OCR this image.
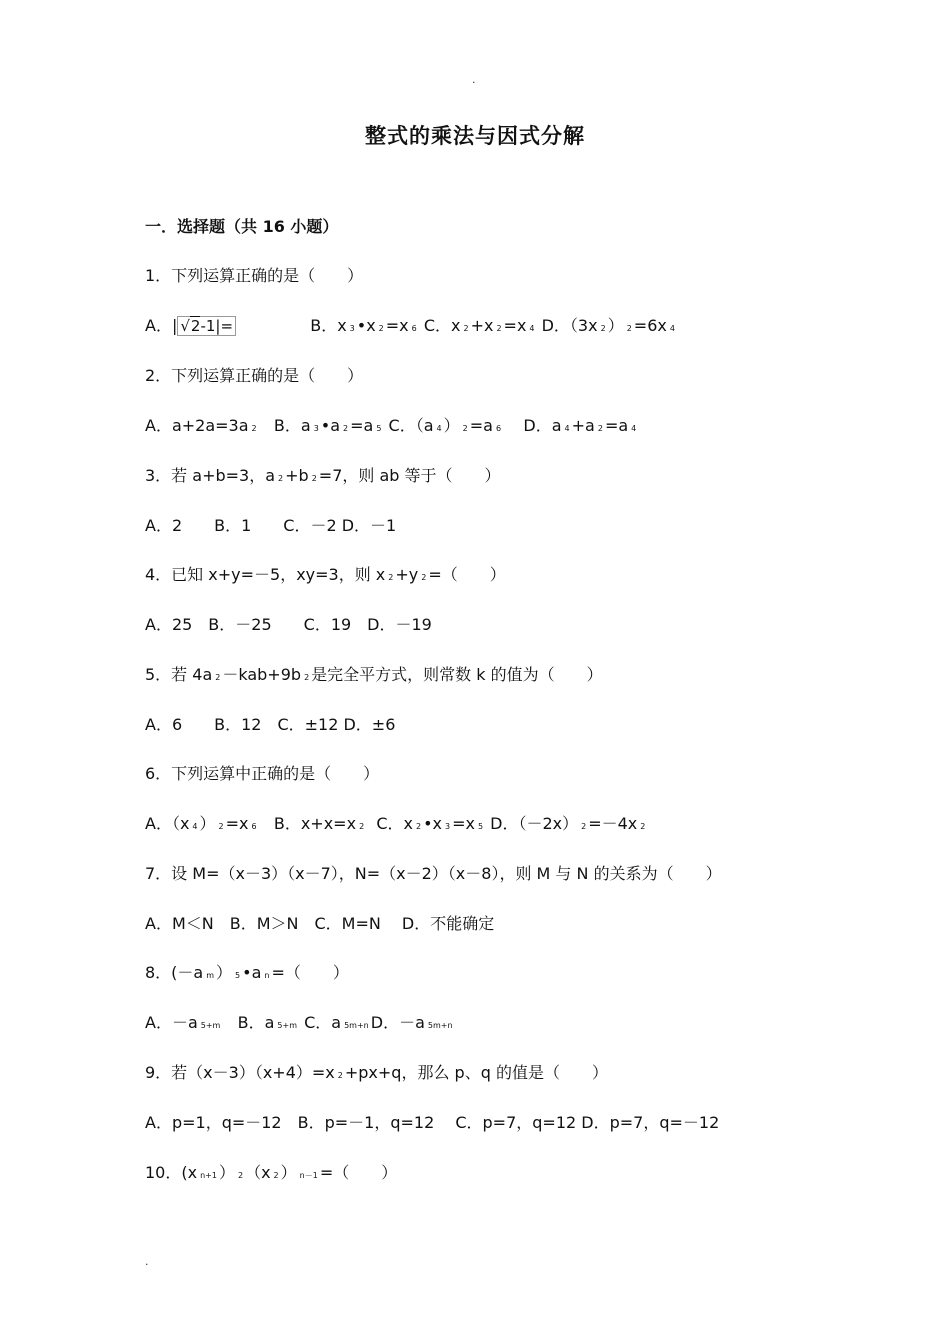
.
整式的乘法与因式分解
一．选择题（共 16 小题）
1．下列运算正确的是（　　）
A．| √2-1|=	B．x 3 •x 2 =x 6 C．x 2 +x 2 =x 4 D．（3x 2 ） 2 =6x 4
2．下列运算正确的是（　　）
A．a+2a=3a 2 B．a 3 •a 2 =a 5 C．（a 4 ） 2 =a 6 D．a 4 +a 2 =a 4
3．若 a+b=3，a 2 +b 2 =7，则 ab 等于（　　）
A．2　　B．1　　C．－2 D．－1
4．已知 x+y=－5，xy=3，则 x 2 +y 2 =（　　）
A．25　B．－25　　C．19　D．－19
5．若 4a 2 －kab+9b 2 是完全平方式，则常数 k 的值为（　　）
A．6　　B．12　C．±12 D．±6
6．下列运算中正确的是（　　）
A．（x 4 ） 2 =x 6 B．x+x=x 2 C．x 2 •x 3 =x 5 D．（－2x） 2 =－4x 2
7．设 M=（x－3）（x－7），N=（x－2）（x－8），则 M 与 N 的关系为（　　）
A．M＜N　B．M＞N　C．M=N　 D．不能确定
8．(－a m ） 5 •a n =（　　）
A．－a 5+m B．a 5+m C．a 5m+n D．－a 5m+n
9．若（x－3）（x+4）=x 2 +px+q，那么 p、q 的值是（　　）
A．p=1，q=－12　B．p=－1，q=12　 C．p=7，q=12 D．p=7，q=－12
10．(x n+1 ） 2 （x 2 ） n－1 =（　　）
.
